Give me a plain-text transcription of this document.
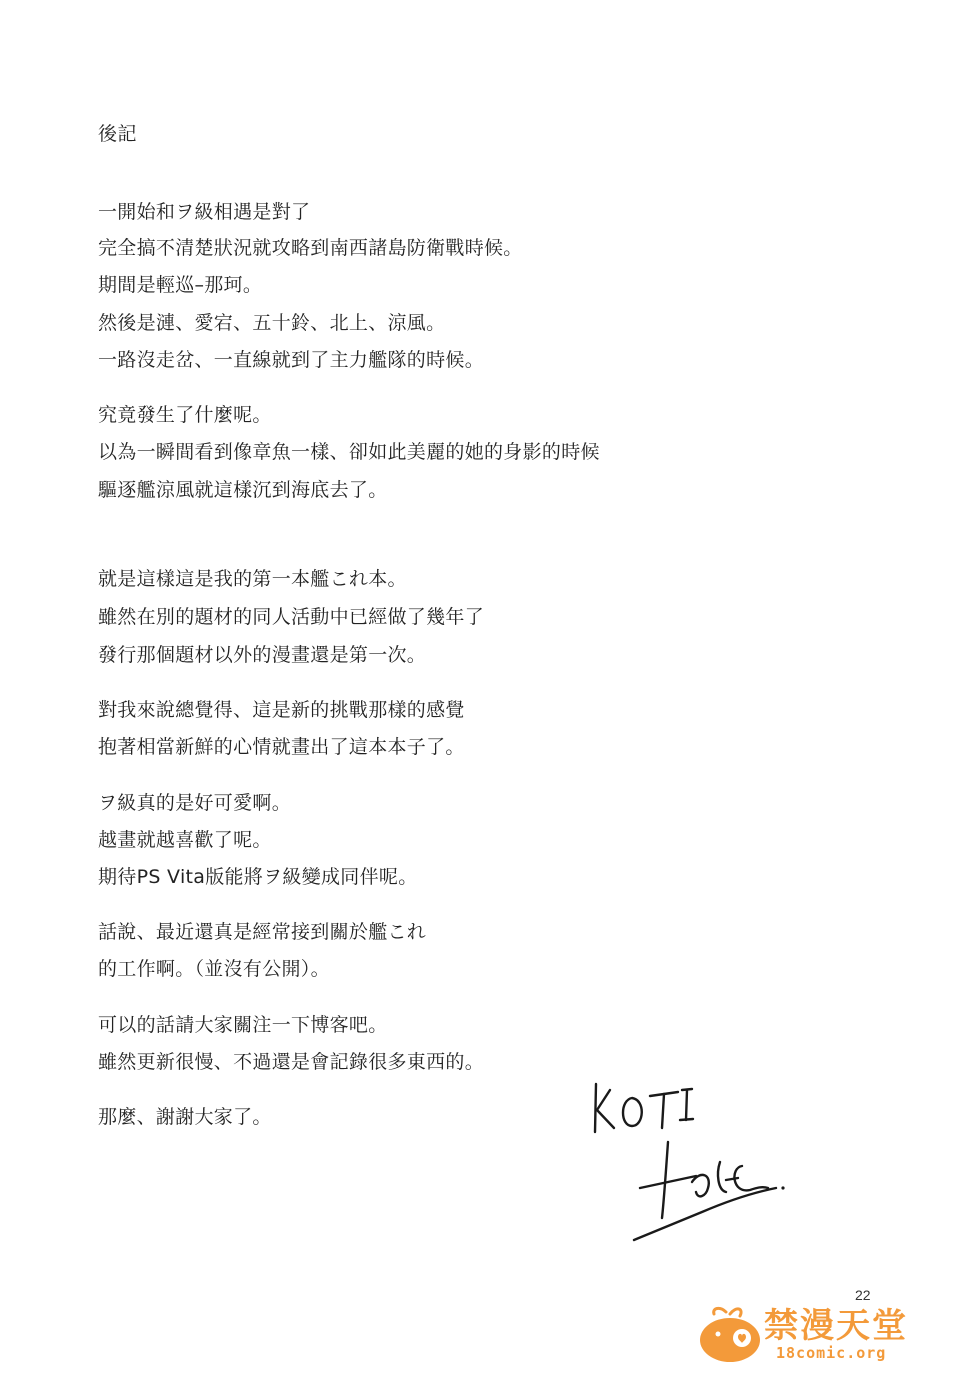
後記
一開始和ヲ級相遇是對了
完全搞不清楚狀況就攻略到南西諸島防衛戰時候。
期間是輕巡–那珂。
然後是漣、愛宕、五十鈴、北上、涼風。
一路沒走岔、一直線就到了主力艦隊的時候。
究竟發生了什麼呢。
以為一瞬間看到像章魚一樣、卻如此美麗的她的身影的時候
驅逐艦涼風就這樣沉到海底去了。
就是這樣這是我的第一本艦これ本。
雖然在別的題材的同人活動中已經做了幾年了
發行那個題材以外的漫畫還是第一次。
對我來說總覺得、這是新的挑戰那樣的感覺
抱著相當新鮮的心情就畫出了這本本子了。
ヲ級真的是好可愛啊。
越畫就越喜歡了呢。
期待PS Vita版能將ヲ級變成同伴呢。
話說、最近還真是經常接到關於艦これ
的工作啊。（並沒有公開）。
可以的話請大家關注一下博客吧。
雖然更新很慢、不過還是會記錄很多東西的。
那麼、謝謝大家了。
22
禁漫天堂
18comic.org
